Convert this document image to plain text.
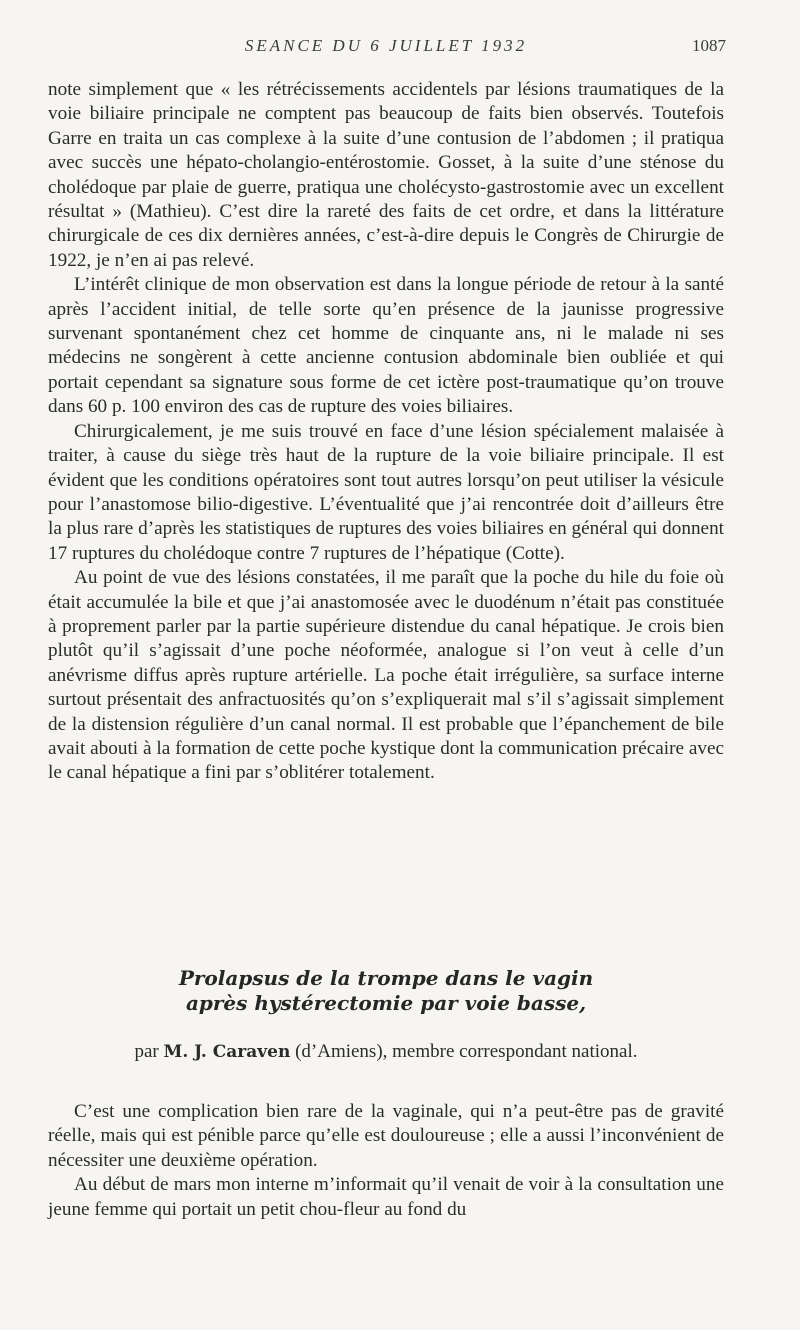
SEANCE DU 6 JUILLET 1932	1087

note simplement que « les rétrécissements accidentels par lésions traumatiques de la voie biliaire principale ne comptent pas beaucoup de faits bien observés. Toutefois Garre en traita un cas complexe à la suite d’une contusion de l’abdomen ; il pratiqua avec succès une hépato-cholangio-entérostomie. Gosset, à la suite d’une sténose du cholédoque par plaie de guerre, pratiqua une cholécysto-gastrostomie avec un excellent résultat » (Mathieu). C’est dire la rareté des faits de cet ordre, et dans la littérature chirurgicale de ces dix dernières années, c’est-à-dire depuis le Congrès de Chirurgie de 1922, je n’en ai pas relevé.

L’intérêt clinique de mon observation est dans la longue période de retour à la santé après l’accident initial, de telle sorte qu’en présence de la jaunisse progressive survenant spontanément chez cet homme de cinquante ans, ni le malade ni ses médecins ne songèrent à cette ancienne contusion abdominale bien oubliée et qui portait cependant sa signature sous forme de cet ictère post-traumatique qu’on trouve dans 60 p. 100 environ des cas de rupture des voies biliaires.

Chirurgicalement, je me suis trouvé en face d’une lésion spécialement malaisée à traiter, à cause du siège très haut de la rupture de la voie biliaire principale. Il est évident que les conditions opératoires sont tout autres lorsqu’on peut utiliser la vésicule pour l’anastomose bilio-digestive. L’éventualité que j’ai rencontrée doit d’ailleurs être la plus rare d’après les statistiques de ruptures des voies biliaires en général qui donnent 17 ruptures du cholédoque contre 7 ruptures de l’hépatique (Cotte).

Au point de vue des lésions constatées, il me paraît que la poche du hile du foie où était accumulée la bile et que j’ai anastomosée avec le duodénum n’était pas constituée à proprement parler par la partie supérieure distendue du canal hépatique. Je crois bien plutôt qu’il s’agissait d’une poche néoformée, analogue si l’on veut à celle d’un anévrisme diffus après rupture artérielle. La poche était irrégulière, sa surface interne surtout présentait des anfractuosités qu’on s’expliquerait mal s’il s’agissait simplement de la distension régulière d’un canal normal. Il est probable que l’épanchement de bile avait abouti à la formation de cette poche kystique dont la communication précaire avec le canal hépatique a fini par s’oblitérer totalement.

Prolapsus de la trompe dans le vagin
après hystérectomie par voie basse,
par M. J. Caraven (d’Amiens), membre correspondant national.

C’est une complication bien rare de la vaginale, qui n’a peut-être pas de gravité réelle, mais qui est pénible parce qu’elle est douloureuse ; elle a aussi l’inconvénient de nécessiter une deuxième opération.

Au début de mars mon interne m’informait qu’il venait de voir à la consultation une jeune femme qui portait un petit chou-fleur au fond du
